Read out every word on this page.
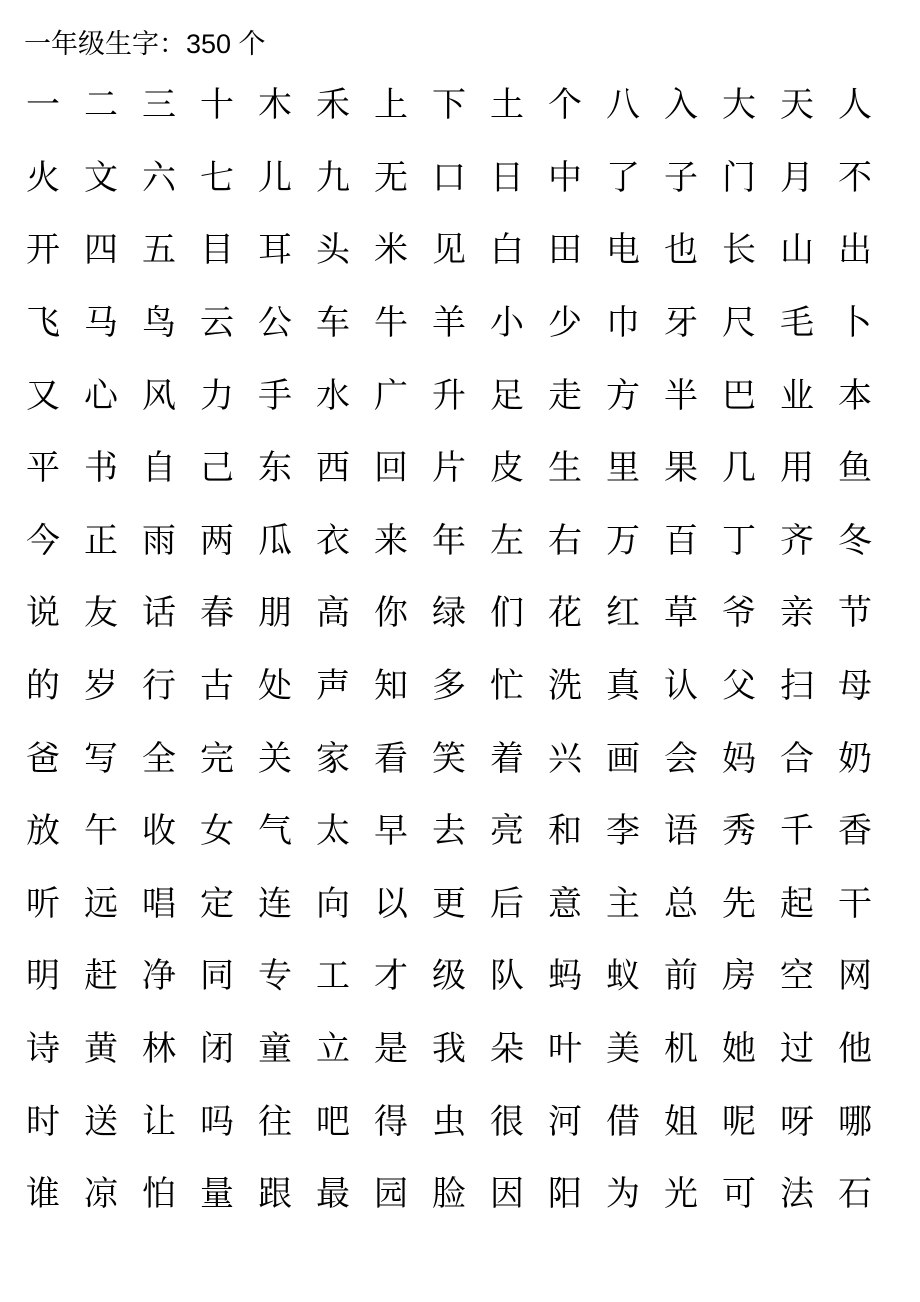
一年级生字：350 个
一 二 三 十 木 禾 上 下 土 个 八 入 大 天 人
火 文 六 七 儿 九 无 口 日 中 了 子 门 月 不
开 四 五 目 耳 头 米 见 白 田 电 也 长 山 出
飞 马 鸟 云 公 车 牛 羊 小 少 巾 牙 尺 毛 卜
又 心 风 力 手 水 广 升 足 走 方 半 巴 业 本
平 书 自 己 东 西 回 片 皮 生 里 果 几 用 鱼
今 正 雨 两 瓜 衣 来 年 左 右 万 百 丁 齐 冬
说 友 话 春 朋 高 你 绿 们 花 红 草 爷 亲 节
的 岁 行 古 处 声 知 多 忙 洗 真 认 父 扫 母
爸 写 全 完 关 家 看 笑 着 兴 画 会 妈 合 奶
放 午 收 女 气 太 早 去 亮 和 李 语 秀 千 香
听 远 唱 定 连 向 以 更 后 意 主 总 先 起 干
明 赶 净 同 专 工 才 级 队 蚂 蚁 前 房 空 网
诗 黄 林 闭 童 立 是 我 朵 叶 美 机 她 过 他
时 送 让 吗 往 吧 得 虫 很 河 借 姐 呢 呀 哪
谁 凉 怕 量 跟 最 园 脸 因 阳 为 光 可 法 石
